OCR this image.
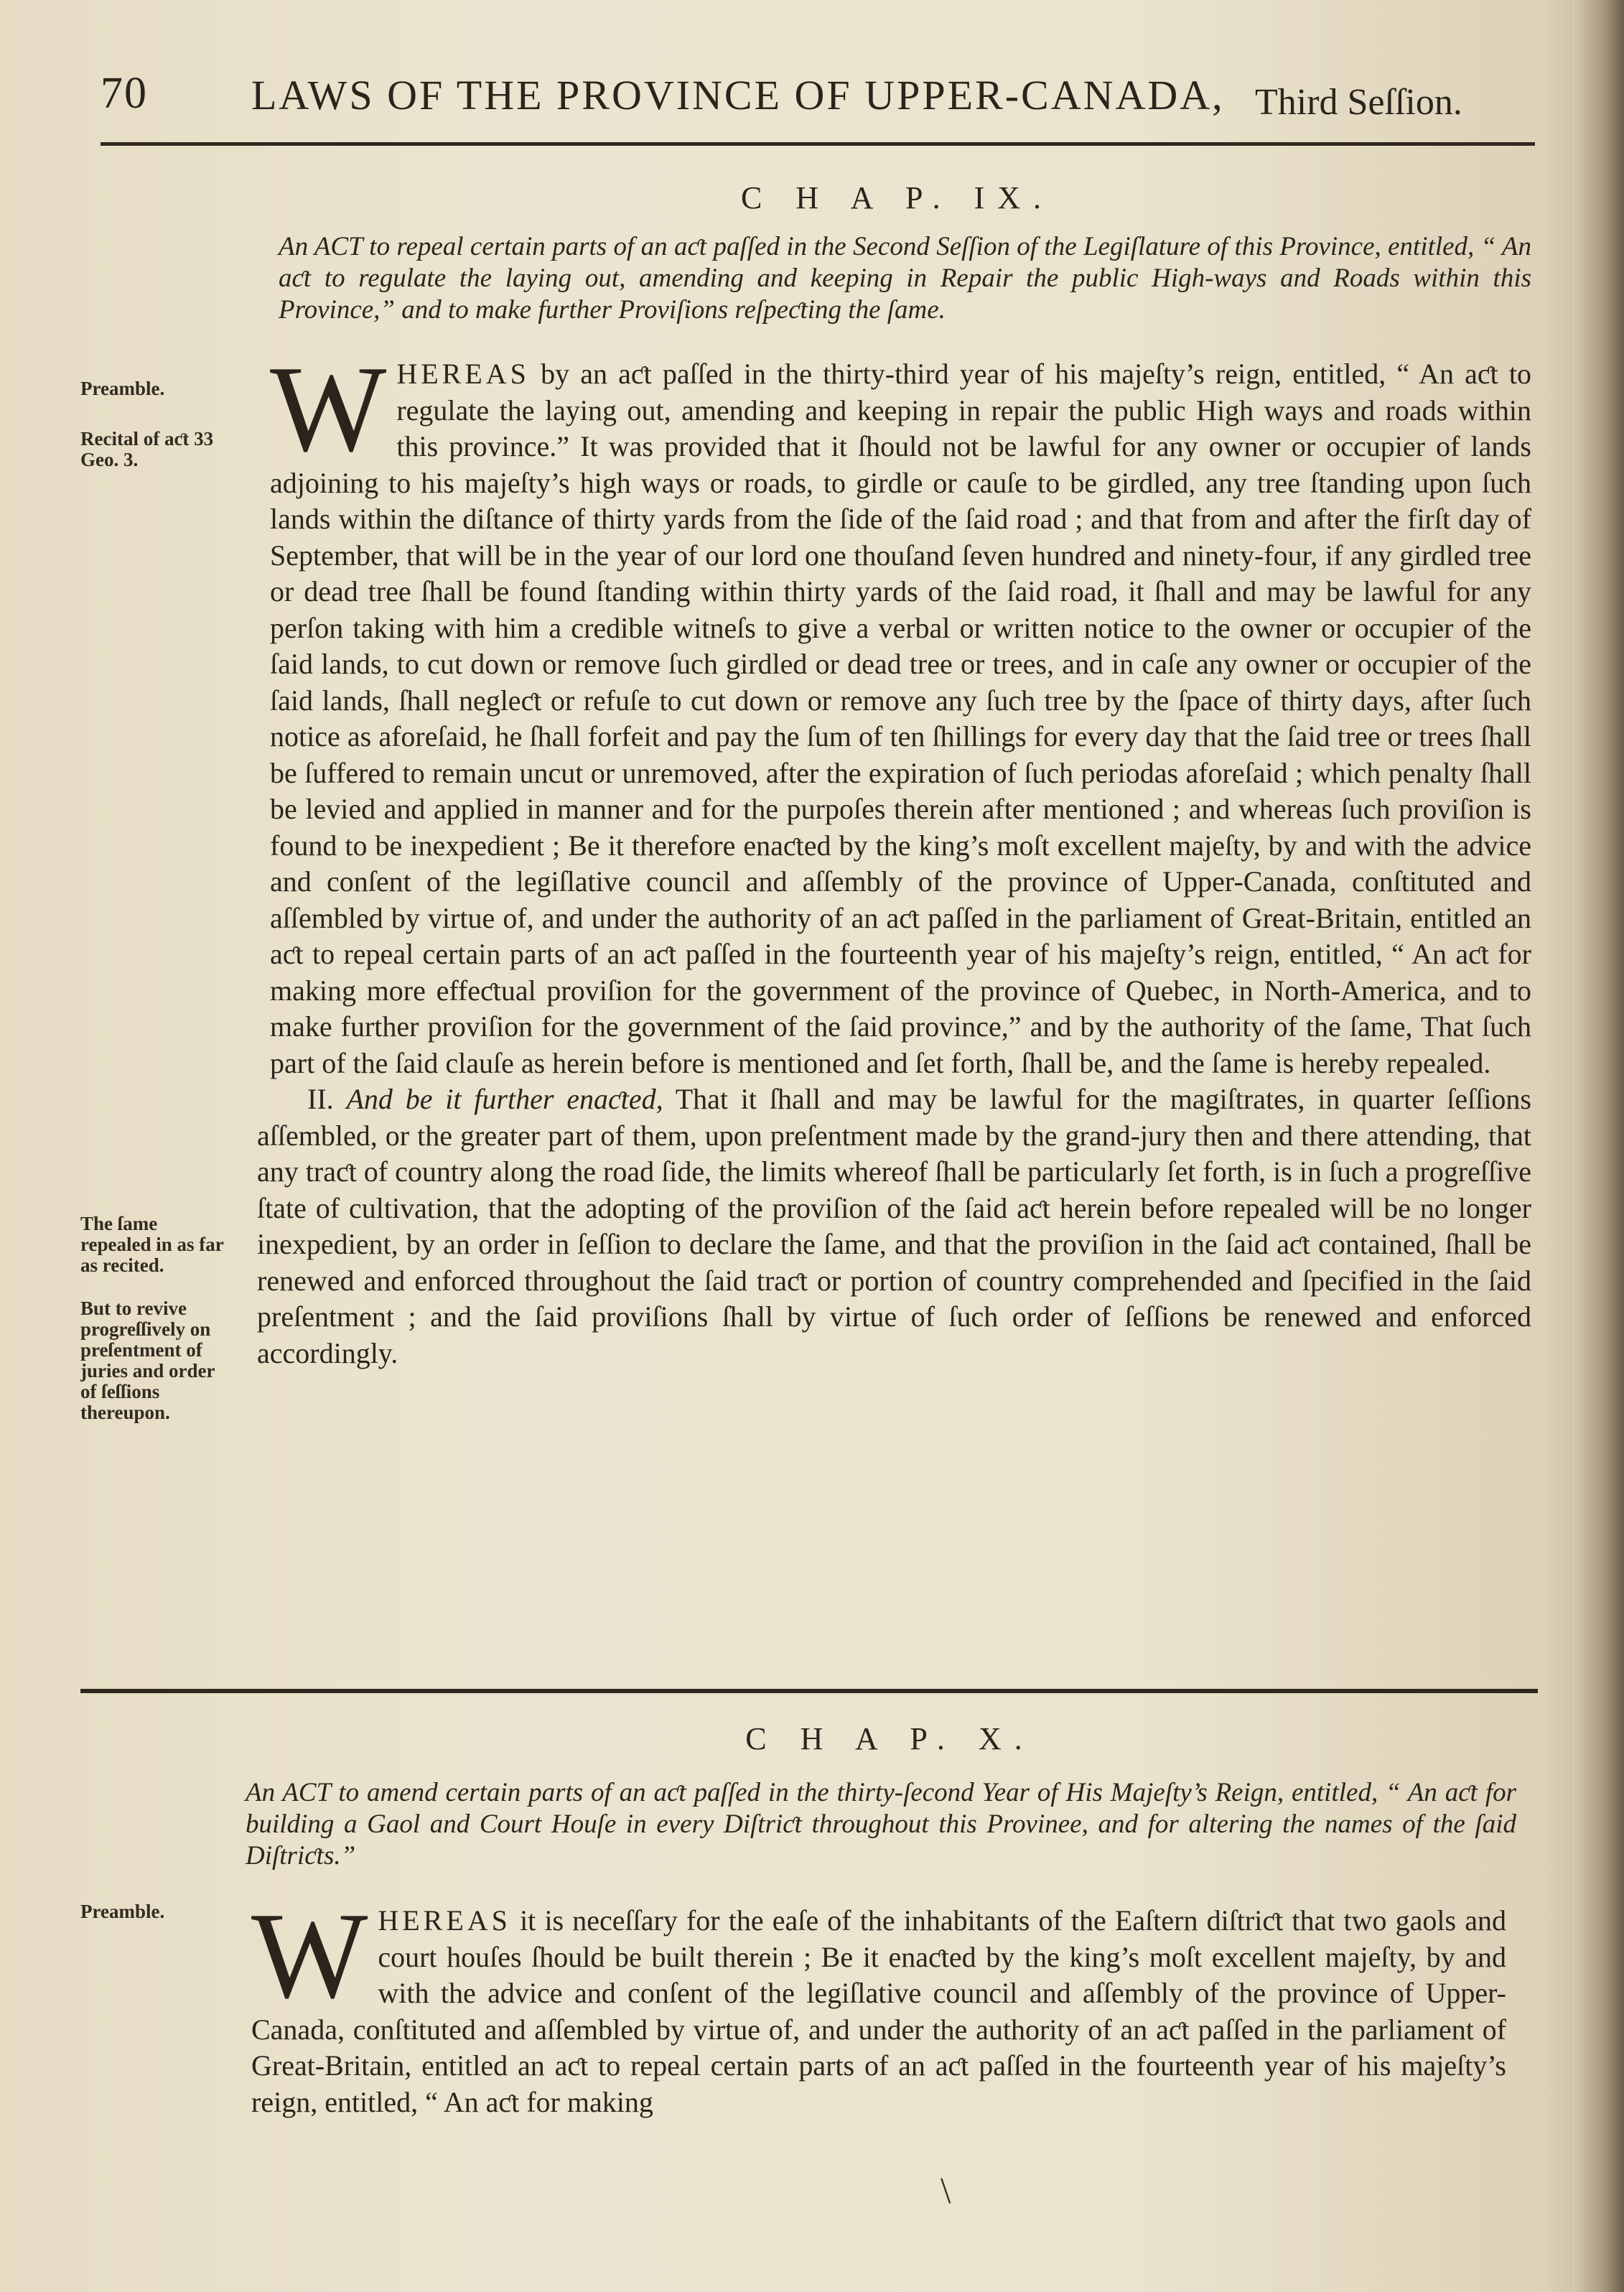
70 LAWS OF THE PROVINCE OF UPPER-CANADA, Third Seſſion.
C H A P. IX.

An ACT to repeal certain parts of an aƈt paſſed in the Second Seſſion of the Legiſlature of this Province, entitled, “ An aƈt to regulate the laying out, amending and keeping in Repair the public High-ways and Roads within this Province,” and to make further Proviſions reſpeƈting the ſame.

WHEREAS by an aƈt paſſed in the thirty-third year of his majeſty’s reign, entitled, “ An aƈt to regulate the laying out, amending and keeping in repair the public High ways and roads within this province.” It was provided that it ſhould not be lawful for any owner or occupier of lands adjoining to his majeſty’s high ways or roads, to girdle or cauſe to be girdled, any tree ſtanding upon ſuch lands within the diſtance of thirty yards from the ſide of the ſaid road ; and that from and after the firſt day of September, that will be in the year of our lord one thouſand ſeven hundred and ninety-four, if any girdled tree or dead tree ſhall be found ſtanding within thirty yards of the ſaid road, it ſhall and may be lawful for any perſon taking with him a credible witneſs to give a verbal or written notice to the owner or occupier of the ſaid lands, to cut down or remove ſuch girdled or dead tree or trees, and in caſe any owner or occupier of the ſaid lands, ſhall negleƈt or refuſe to cut down or remove any ſuch tree by the ſpace of thirty days, after ſuch notice as aforeſaid, he ſhall forfeit and pay the ſum of ten ſhillings for every day that the ſaid tree or trees ſhall be ſuffered to remain uncut or unremoved, after the expiration of ſuch periodas aforeſaid ; which penalty ſhall be levied and applied in manner and for the purpoſes therein after mentioned ; and whereas ſuch proviſion is found to be inexpedient ; Be it therefore enaƈted by the king’s moſt excellent majeſty, by and with the advice and conſent of the legiſlative council and aſſembly of the province of Upper-Canada, conſtituted and aſſembled by virtue of, and under the authority of an aƈt paſſed in the parliament of Great-Britain, entitled an aƈt to repeal certain parts of an aƈt paſſed in the fourteenth year of his majeſty’s reign, entitled, “ An aƈt for making more effeƈtual proviſion for the government of the province of Quebec, in North-America, and to make further proviſion for the government of the ſaid province,” and by the authority of the ſame, That ſuch part of the ſaid clauſe as herein before is mentioned and ſet forth, ſhall be, and the ſame is hereby repealed.

II. And be it further enaƈted, That it ſhall and may be lawful for the magiſtrates, in quarter ſeſſions aſſembled, or the greater part of them, upon preſentment made by the grand-jury then and there attending, that any traƈt of country along the road ſide, the limits whereof ſhall be particularly ſet forth, is in ſuch a progreſſive ſtate of cultivation, that the adopting of the proviſion of the ſaid aƈt herein before repealed will be no longer inexpedient, by an order in ſeſſion to declare the ſame, and that the proviſion in the ſaid aƈt contained, ſhall be renewed and enforced throughout the ſaid traƈt or portion of country comprehended and ſpecified in the ſaid preſentment ; and the ſaid proviſions ſhall by virtue of ſuch order of ſeſſions be renewed and enforced accordingly.

Preamble.
Recital of aƈt 33 Geo. 3.
The ſame repealed in as far as recited.
But to revive progreſſively on preſentment of juries and order of ſeſſions thereupon.
C H A P. X.

An ACT to amend certain parts of an aƈt paſſed in the thirty-ſecond Year of His Majeſty’s Reign, entitled, “ An aƈt for building a Gaol and Court Houſe in every Diſtriƈt throughout this Provinee, and for altering the names of the ſaid Diſtriƈts.”

Preamble. WHEREAS it is neceſſary for the eaſe of the inhabitants of the Eaſtern diſtriƈt that two gaols and court houſes ſhould be built therein ; Be it enaƈted by the king’s moſt excellent majeſty, by and with the advice and conſent of the legiſlative council and aſſembly of the province of Upper-Canada, conſtituted and aſſembled by virtue of, and under the authority of an aƈt paſſed in the parliament of Great-Britain, entitled an aƈt to repeal certain parts of an aƈt paſſed in the fourteenth year of his majeſty’s reign, entitled, “ An aƈt for making

\
